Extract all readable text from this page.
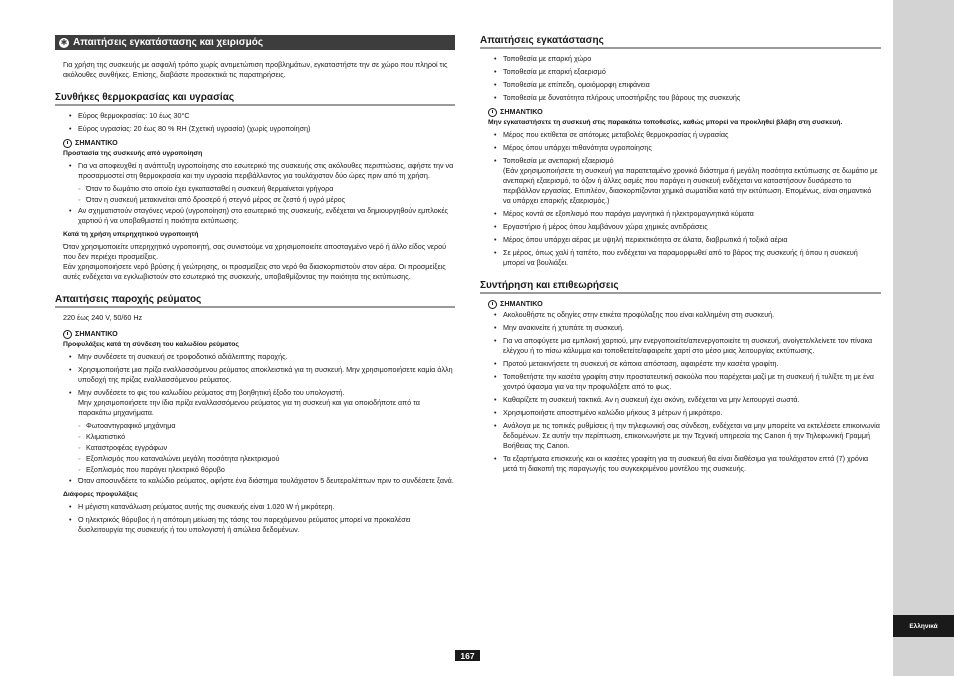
✱ Απαιτήσεις εγκατάστασης και χειρισμός

Για χρήση της συσκευής με ασφαλή τρόπο χωρίς αντιμετώπιση προβλημάτων, εγκαταστήστε την σε χώρο που πληροί τις ακόλουθες συνθήκες. Επίσης, διαβάστε προσεκτικά τις παρατηρήσεις.

Συνθήκες θερμοκρασίας και υγρασίας
• Εύρος θερμοκρασίας: 10 έως 30°C
• Εύρος υγρασίας: 20 έως 80 % RH (Σχετική υγρασία) (χωρίς υγροποίηση)
ΣΗΜΑΝΤΙΚΟ
Προστασία της συσκευής από υγροποίηση
• Για να αποφευχθεί η ανάπτυξη υγροποίησης στο εσωτερικό της συσκευής στις ακόλουθες περιπτώσεις, αφήστε την να προσαρμοστεί στη θερμοκρασία και την υγρασία περιβάλλοντος για τουλάχιστον δύο ώρες πριν από τη χρήση.
◦ Όταν το δωμάτιο στο οποίο έχει εγκατασταθεί η συσκευή θερμαίνεται γρήγορα
◦ Όταν η συσκευή μετακινείται από δροσερό ή στεγνό μέρος σε ζεστό ή υγρό μέρος
• Αν σχηματιστούν σταγόνες νερού (υγροποίηση) στο εσωτερικό της συσκευής, ενδέχεται να δημιουργηθούν εμπλοκές χαρτιού ή να υποβαθμιστεί η ποιότητα εκτύπωσης.
Κατά τη χρήση υπερηχητικού υγροποιητή

Όταν χρησιμοποιείτε υπερηχητικό υγροποιητή, σας συνιστούμε να χρησιμοποιείτε αποσταγμένο νερό ή άλλο είδος νερού που δεν περιέχει προσμείξεις.

Εάν χρησιμοποιήσετε νερό βρύσης ή γεώτρησης, οι προσμείξεις στο νερό θα διασκορπιστούν στον αέρα. Οι προσμείξεις αυτές ενδέχεται να εγκλωβιστούν στο εσωτερικό της συσκευής, υποβαθμίζοντας την ποιότητα της εκτύπωσης.

Απαιτήσεις παροχής ρεύματος

220 έως 240 V, 50/60 Hz

ΣΗΜΑΝΤΙΚΟ
Προφυλάξεις κατά τη σύνδεση του καλωδίου ρεύματος
• Μην συνδέσετε τη συσκευή σε τροφοδοτικό αδιάλειπτης παροχής.
• Χρησιμοποιήστε μια πρίζα εναλλασσόμενου ρεύματος αποκλειστικά για τη συσκευή. Μην χρησιμοποιήσετε καμία άλλη υποδοχή της πρίζας εναλλασσόμενου ρεύματος.
• Μην συνδέσετε το φις του καλωδίου ρεύματος στη βοηθητική έξοδο του υπολογιστή.
Μην χρησιμοποιήσετε την ίδια πρίζα εναλλασσόμενου ρεύματος για τη συσκευή και για οποιοδήποτε από τα παρακάτω μηχανήματα.
◦ Φωτοαντιγραφικό μηχάνημα
◦ Κλιματιστικό
◦ Καταστροφέας εγγράφων
◦ Εξοπλισμός που καταναλώνει μεγάλη ποσότητα ηλεκτρισμού
◦ Εξοπλισμός που παράγει ηλεκτρικό θόρυβο
• Όταν αποσυνδέετε το καλώδιο ρεύματος, αφήστε ένα διάστημα τουλάχιστον 5 δευτερολέπτων πριν το συνδέσετε ξανά.
Διάφορες προφυλάξεις
• Η μέγιστη κατανάλωση ρεύματος αυτής της συσκευής είναι 1.020 W ή μικρότερη.
• Ο ηλεκτρικός θόρυβος ή η απότομη μείωση της τάσης του παρεχόμενου ρεύματος μπορεί να προκαλέσει δυσλειτουργία της συσκευής ή του υπολογιστή ή απώλεια δεδομένων.
Απαιτήσεις εγκατάστασης
• Τοποθεσία με επαρκή χώρο
• Τοποθεσία με επαρκή εξαερισμό
• Τοποθεσία με επίπεδη, ομοιόμορφη επιφάνεια
• Τοποθεσία με δυνατότητα πλήρους υποστήριξης του βάρους της συσκευής
ΣΗΜΑΝΤΙΚΟ
Μην εγκαταστήσετε τη συσκευή στις παρακάτω τοποθεσίες, καθώς μπορεί να προκληθεί βλάβη στη συσκευή.
• Μέρος που εκτίθεται σε απότομες μεταβολές θερμοκρασίας ή υγρασίας
• Μέρος όπου υπάρχει πιθανότητα υγροποίησης
• Τοποθεσία με ανεπαρκή εξαερισμό
(Εάν χρησιμοποιήσετε τη συσκευή για παρατεταμένο χρονικό διάστημα ή μεγάλη ποσότητα εκτύπωσης σε δωμάτιο με ανεπαρκή εξαερισμό, το όζον ή άλλες οσμές που παράγει η συσκευή ενδέχεται να καταστήσουν δυσάρεστο το περιβάλλον εργασίας. Επιπλέον, διασκορπίζονται χημικά σωματίδια κατά την εκτύπωση. Επομένως, είναι σημαντικό να υπάρχει επαρκής εξαερισμός.)
• Μέρος κοντά σε εξοπλισμό που παράγει μαγνητικά ή ηλεκτρομαγνητικά κύματα
• Εργαστήριο ή μέρος όπου λαμβάνουν χώρα χημικές αντιδράσεις
• Μέρος όπου υπάρχει αέρας με υψηλή περιεκτικότητα σε άλατα, διαβρωτικά ή τοξικά αέρια
• Σε μέρος, όπως χαλί ή ταπέτο, που ενδέχεται να παραμορφωθεί από το βάρος της συσκευής ή όπου η συσκευή μπορεί να βουλιάξει.
Συντήρηση και επιθεωρήσεις
ΣΗΜΑΝΤΙΚΟ
• Ακολουθήστε τις οδηγίες στην ετικέτα προφύλαξης που είναι κολλημένη στη συσκευή.
• Μην ανακινείτε ή χτυπάτε τη συσκευή.
• Για να αποφύγετε μια εμπλοκή χαρτιού, μην ενεργοποιείτε/απενεργοποιείτε τη συσκευή, ανοίγετε/κλείνετε τον πίνακα ελέγχου ή το πίσω κάλυμμα και τοποθετείτε/αφαιρείτε χαρτί στο μέσο μιας λειτουργίας εκτύπωσης.
• Προτού μετακινήσετε τη συσκευή σε κάποια απόσταση, αφαιρέστε την κασέτα γραφίτη.
• Τοποθετήστε την κασέτα γραφίτη στην προστατευτική σακούλα που παρέχεται μαζί με τη συσκευή ή τυλίξτε τη με ένα χοντρό ύφασμα για να την προφυλάξετε από το φως.
• Καθαρίζετε τη συσκευή τακτικά. Αν η συσκευή έχει σκόνη, ενδέχεται να μην λειτουργεί σωστά.
• Χρησιμοποιήστε αποστημένο καλώδιο μήκους 3 μέτρων ή μικρότερο.
• Ανάλογα με τις τοπικές ρυθμίσεις ή την τηλεφωνική σας σύνδεση, ενδέχεται να μην μπορείτε να εκτελέσετε επικοινωνία δεδομένων. Σε αυτήν την περίπτωση, επικοινωνήστε με την Τεχνική υπηρεσία της Canon ή την Τηλεφωνική Γραμμή Βοήθειας της Canon.
• Τα εξαρτήματα επισκευής και οι κασέτες γραφίτη για τη συσκευή θα είναι διαθέσιμα για τουλάχιστον επτά (7) χρόνια μετά τη διακοπή της παραγωγής του συγκεκριμένου μοντέλου της συσκευής.
Ελληνικά
167
